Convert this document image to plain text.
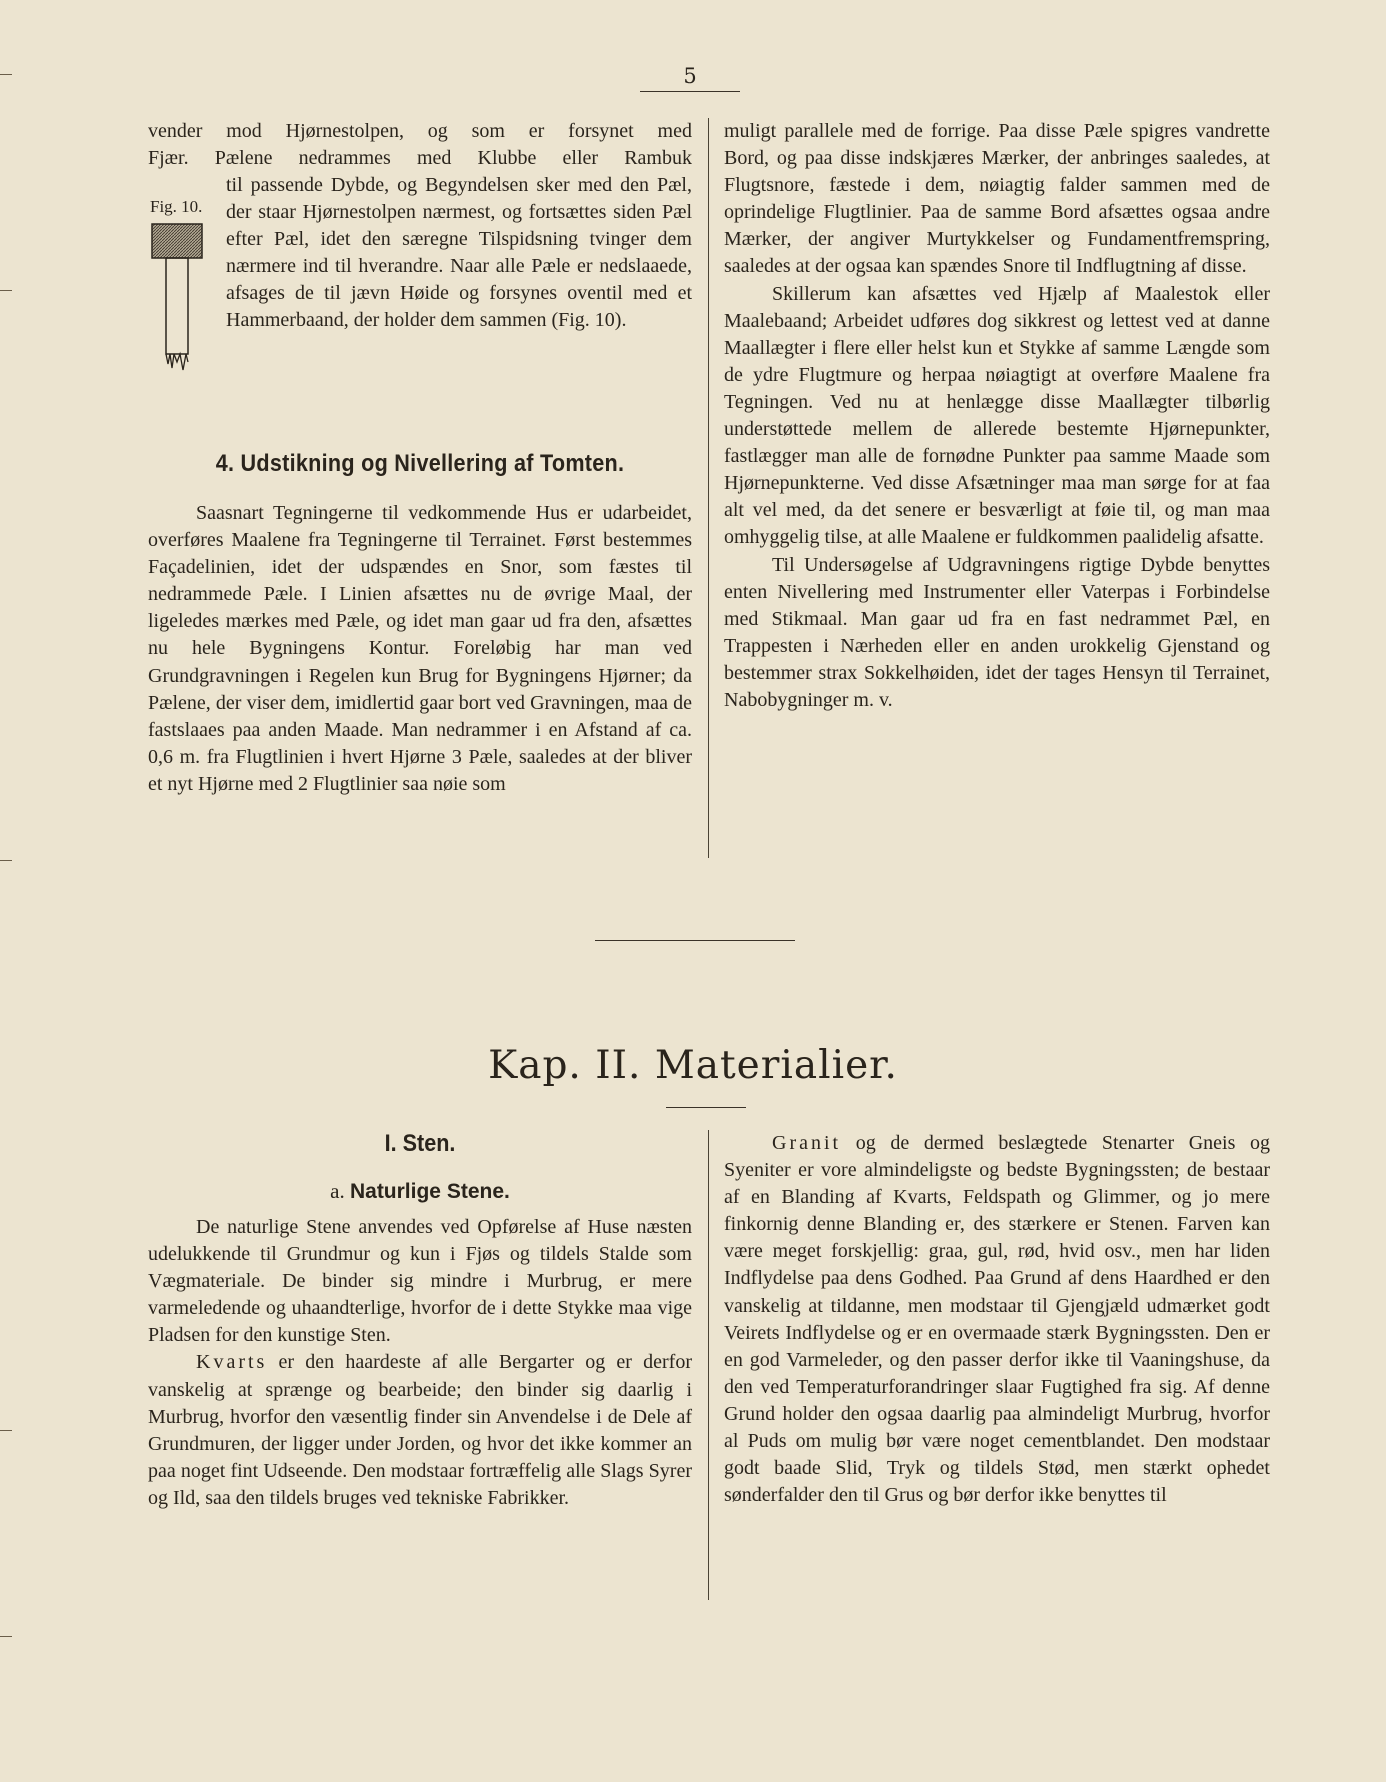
5

vender mod Hjørnestolpen, og som er forsynet med

Fjær. Pælene nedrammes med Klubbe eller Rambuk

Fig. 10.

til passende Dybde, og Begyndelsen sker med den Pæl, der staar Hjørnestolpen nærmest, og fortsættes siden Pæl efter Pæl, idet den særegne Tilspidsning tvinger dem nærmere ind til hverandre. Naar alle Pæle er nedslaaede, afsages de til jævn Høide og forsynes oventil med et Hammerbaand, der holder dem sammen (Fig. 10).

4. Udstikning og Nivellering af Tomten.

Saasnart Tegningerne til vedkommende Hus er udarbeidet, overføres Maalene fra Tegningerne til Terrainet. Først bestemmes Façadelinien, idet der udspændes en Snor, som fæstes til nedrammede Pæle. I Linien afsættes nu de øvrige Maal, der ligeledes mærkes med Pæle, og idet man gaar ud fra den, afsættes nu hele Bygningens Kontur. Foreløbig har man ved Grundgravningen i Regelen kun Brug for Bygningens Hjørner; da Pælene, der viser dem, imidlertid gaar bort ved Gravningen, maa de fastslaaes paa anden Maade. Man nedrammer i en Afstand af ca. 0,6 m. fra Flugtlinien i hvert Hjørne 3 Pæle, saaledes at der bliver et nyt Hjørne med 2 Flugtlinier saa nøie som

muligt parallele med de forrige. Paa disse Pæle spigres vandrette Bord, og paa disse indskjæres Mærker, der anbringes saaledes, at Flugtsnore, fæstede i dem, nøiagtig falder sammen med de oprindelige Flugtlinier. Paa de samme Bord afsættes ogsaa andre Mærker, der angiver Murtykkelser og Fundamentfremspring, saaledes at der ogsaa kan spændes Snore til Indflugtning af disse.

Skillerum kan afsættes ved Hjælp af Maalestok eller Maalebaand; Arbeidet udføres dog sikkrest og lettest ved at danne Maallægter i flere eller helst kun et Stykke af samme Længde som de ydre Flugtmure og herpaa nøiagtigt at overføre Maalene fra Tegningen. Ved nu at henlægge disse Maallægter tilbørlig understøttede mellem de allerede bestemte Hjørnepunkter, fastlægger man alle de fornødne Punkter paa samme Maade som Hjørnepunkterne. Ved disse Afsætninger maa man sørge for at faa alt vel med, da det senere er besværligt at føie til, og man maa omhyggelig tilse, at alle Maalene er fuldkommen paalidelig afsatte.

Til Undersøgelse af Udgravningens rigtige Dybde benyttes enten Nivellering med Instrumenter eller Vaterpas i Forbindelse med Stikmaal. Man gaar ud fra en fast nedrammet Pæl, en Trappesten i Nærheden eller en anden urokkelig Gjenstand og bestemmer strax Sokkelhøiden, idet der tages Hensyn til Terrainet, Nabobygninger m. v.

Kap. II. Materialier.
I. Sten.
a. Naturlige Stene.

De naturlige Stene anvendes ved Opførelse af Huse næsten udelukkende til Grundmur og kun i Fjøs og tildels Stalde som Vægmateriale. De binder sig mindre i Murbrug, er mere varmeledende og uhaandterlige, hvorfor de i dette Stykke maa vige Pladsen for den kunstige Sten.

Kvarts er den haardeste af alle Bergarter og er derfor vanskelig at sprænge og bearbeide; den binder sig daarlig i Murbrug, hvorfor den væsentlig finder sin Anvendelse i de Dele af Grundmuren, der ligger under Jorden, og hvor det ikke kommer an paa noget fint Udseende. Den modstaar fortræffelig alle Slags Syrer og Ild, saa den tildels bruges ved tekniske Fabrikker.

Granit og de dermed beslægtede Stenarter Gneis og Syeniter er vore almindeligste og bedste Bygningssten; de bestaar af en Blanding af Kvarts, Feldspath og Glimmer, og jo mere finkornig denne Blanding er, des stærkere er Stenen. Farven kan være meget forskjellig: graa, gul, rød, hvid osv., men har liden Indflydelse paa dens Godhed. Paa Grund af dens Haardhed er den vanskelig at tildanne, men modstaar til Gjengjæld udmærket godt Veirets Indflydelse og er en overmaade stærk Bygningssten. Den er en god Varmeleder, og den passer derfor ikke til Vaaningshuse, da den ved Temperaturforandringer slaar Fugtighed fra sig. Af denne Grund holder den ogsaa daarlig paa almindeligt Murbrug, hvorfor al Puds om mulig bør være noget cementblandet. Den modstaar godt baade Slid, Tryk og tildels Stød, men stærkt ophedet sønderfalder den til Grus og bør derfor ikke benyttes til
